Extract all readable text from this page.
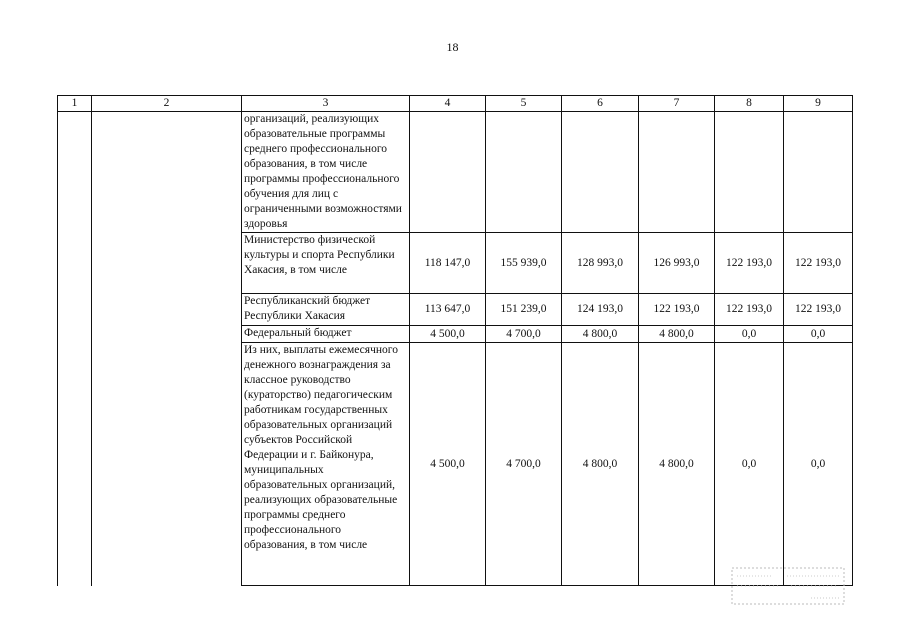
18
1	2	3	4	5	6	7	8	9
		организаций, реализующих образовательные программы среднего профессионального образования, в том числе программы профессионального обучения для лиц с ограниченными возможностями здоровья						
		Министерство физической культуры и спорта Республики Хакасия, в том числе	118 147,0	155 939,0	128 993,0	126 993,0	122 193,0	122 193,0
		Республиканский бюджет Республики Хакасия	113 647,0	151 239,0	124 193,0	122 193,0	122 193,0	122 193,0
		Федеральный бюджет	4 500,0	4 700,0	4 800,0	4 800,0	0,0	0,0
		Из них, выплаты ежемесячного денежного вознаграждения за классное руководство (кураторство) педагогическим работникам государственных образовательных организаций субъектов Российской Федерации и г. Байконура, муниципальных образовательных организаций, реализующих образовательные программы среднего профессионального образования, в том числе	4 500,0	4 700,0	4 800,0	4 800,0	0,0	0,0
